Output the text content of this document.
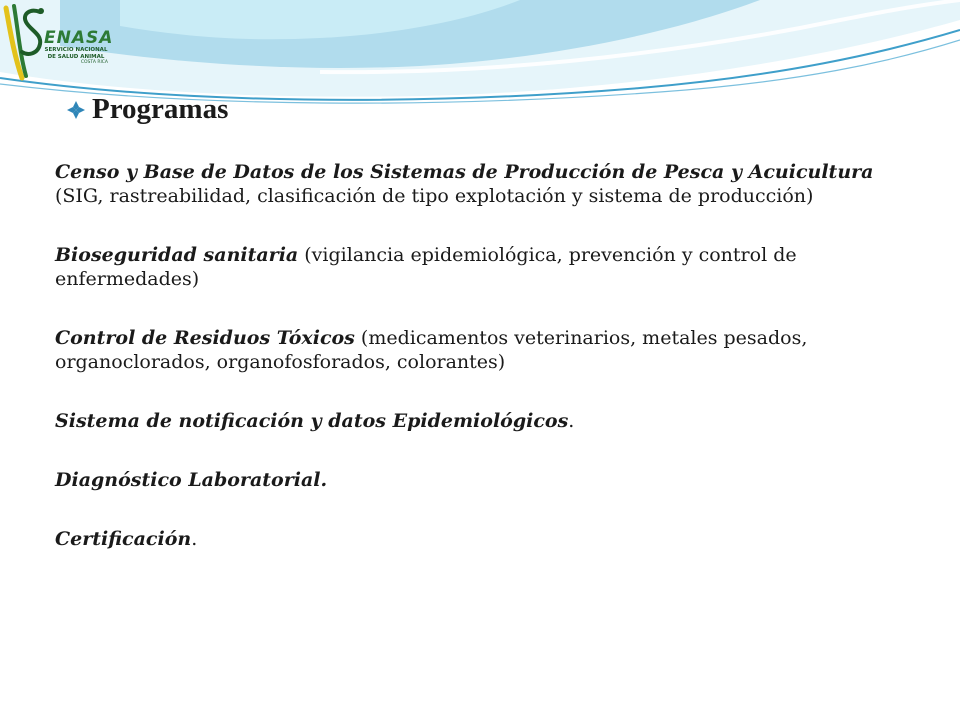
ENASA
SERVICIO NACIONAL
DE SALUD ANIMAL
COSTA RICA
Programas

Censo y Base de Datos de los Sistemas de Producción de Pesca y Acuicultura (SIG, rastreabilidad, clasificación de tipo explotación y sistema de producción)

Bioseguridad sanitaria (vigilancia epidemiológica, prevención y control de enfermedades)

Control de Residuos Tóxicos (medicamentos veterinarios, metales pesados, organoclorados, organofosforados, colorantes)

Sistema de notificación y datos Epidemiológicos.

Diagnóstico Laboratorial.

Certificación.
